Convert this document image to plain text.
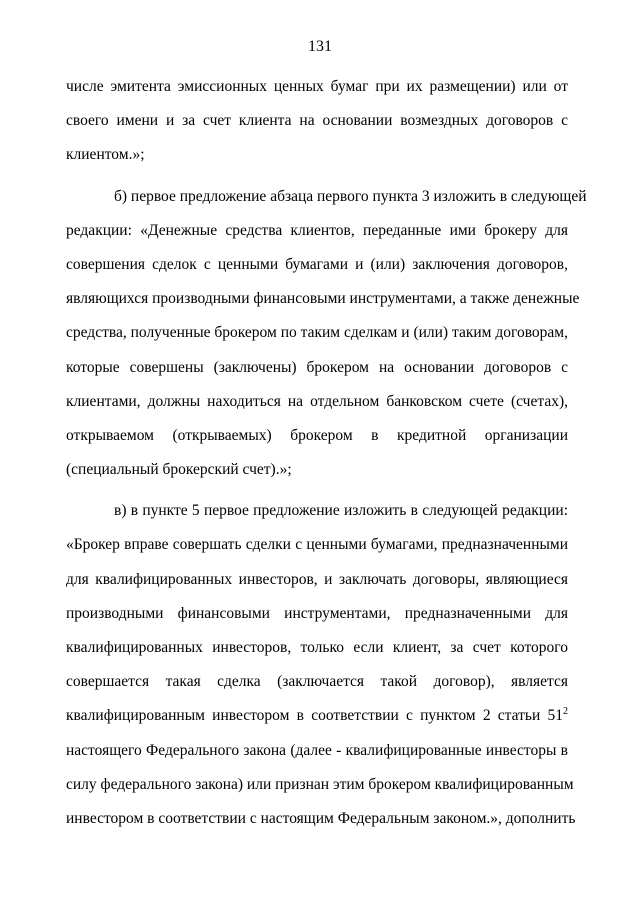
131
числе эмитента эмиссионных ценных бумаг при их размещении) или от
своего имени и за счет клиента на основании возмездных договоров с
клиентом.»;
б) первое предложение абзаца первого пункта 3 изложить в следующей
редакции: «Денежные средства клиентов, переданные ими брокеру для
совершения сделок с ценными бумагами и (или) заключения договоров,
являющихся производными финансовыми инструментами, а также денежные
средства, полученные брокером по таким сделкам и (или) таким договорам,
которые совершены (заключены) брокером на основании договоров с
клиентами, должны находиться на отдельном банковском счете (счетах),
открываемом (открываемых) брокером в кредитной организации
(специальный брокерский счет).»;
в) в пункте 5 первое предложение изложить в следующей редакции:
«Брокер вправе совершать сделки с ценными бумагами, предназначенными
для квалифицированных инвесторов, и заключать договоры, являющиеся
производными финансовыми инструментами, предназначенными для
квалифицированных инвесторов, только если клиент, за счет которого
совершается такая сделка (заключается такой договор), является
квалифицированным инвестором в соответствии с пунктом 2 статьи $51^2$
настоящего Федерального закона (далее - квалифицированные инвесторы в
силу федерального закона) или признан этим брокером квалифицированным
инвестором в соответствии с настоящим Федеральным законом.», дополнить
